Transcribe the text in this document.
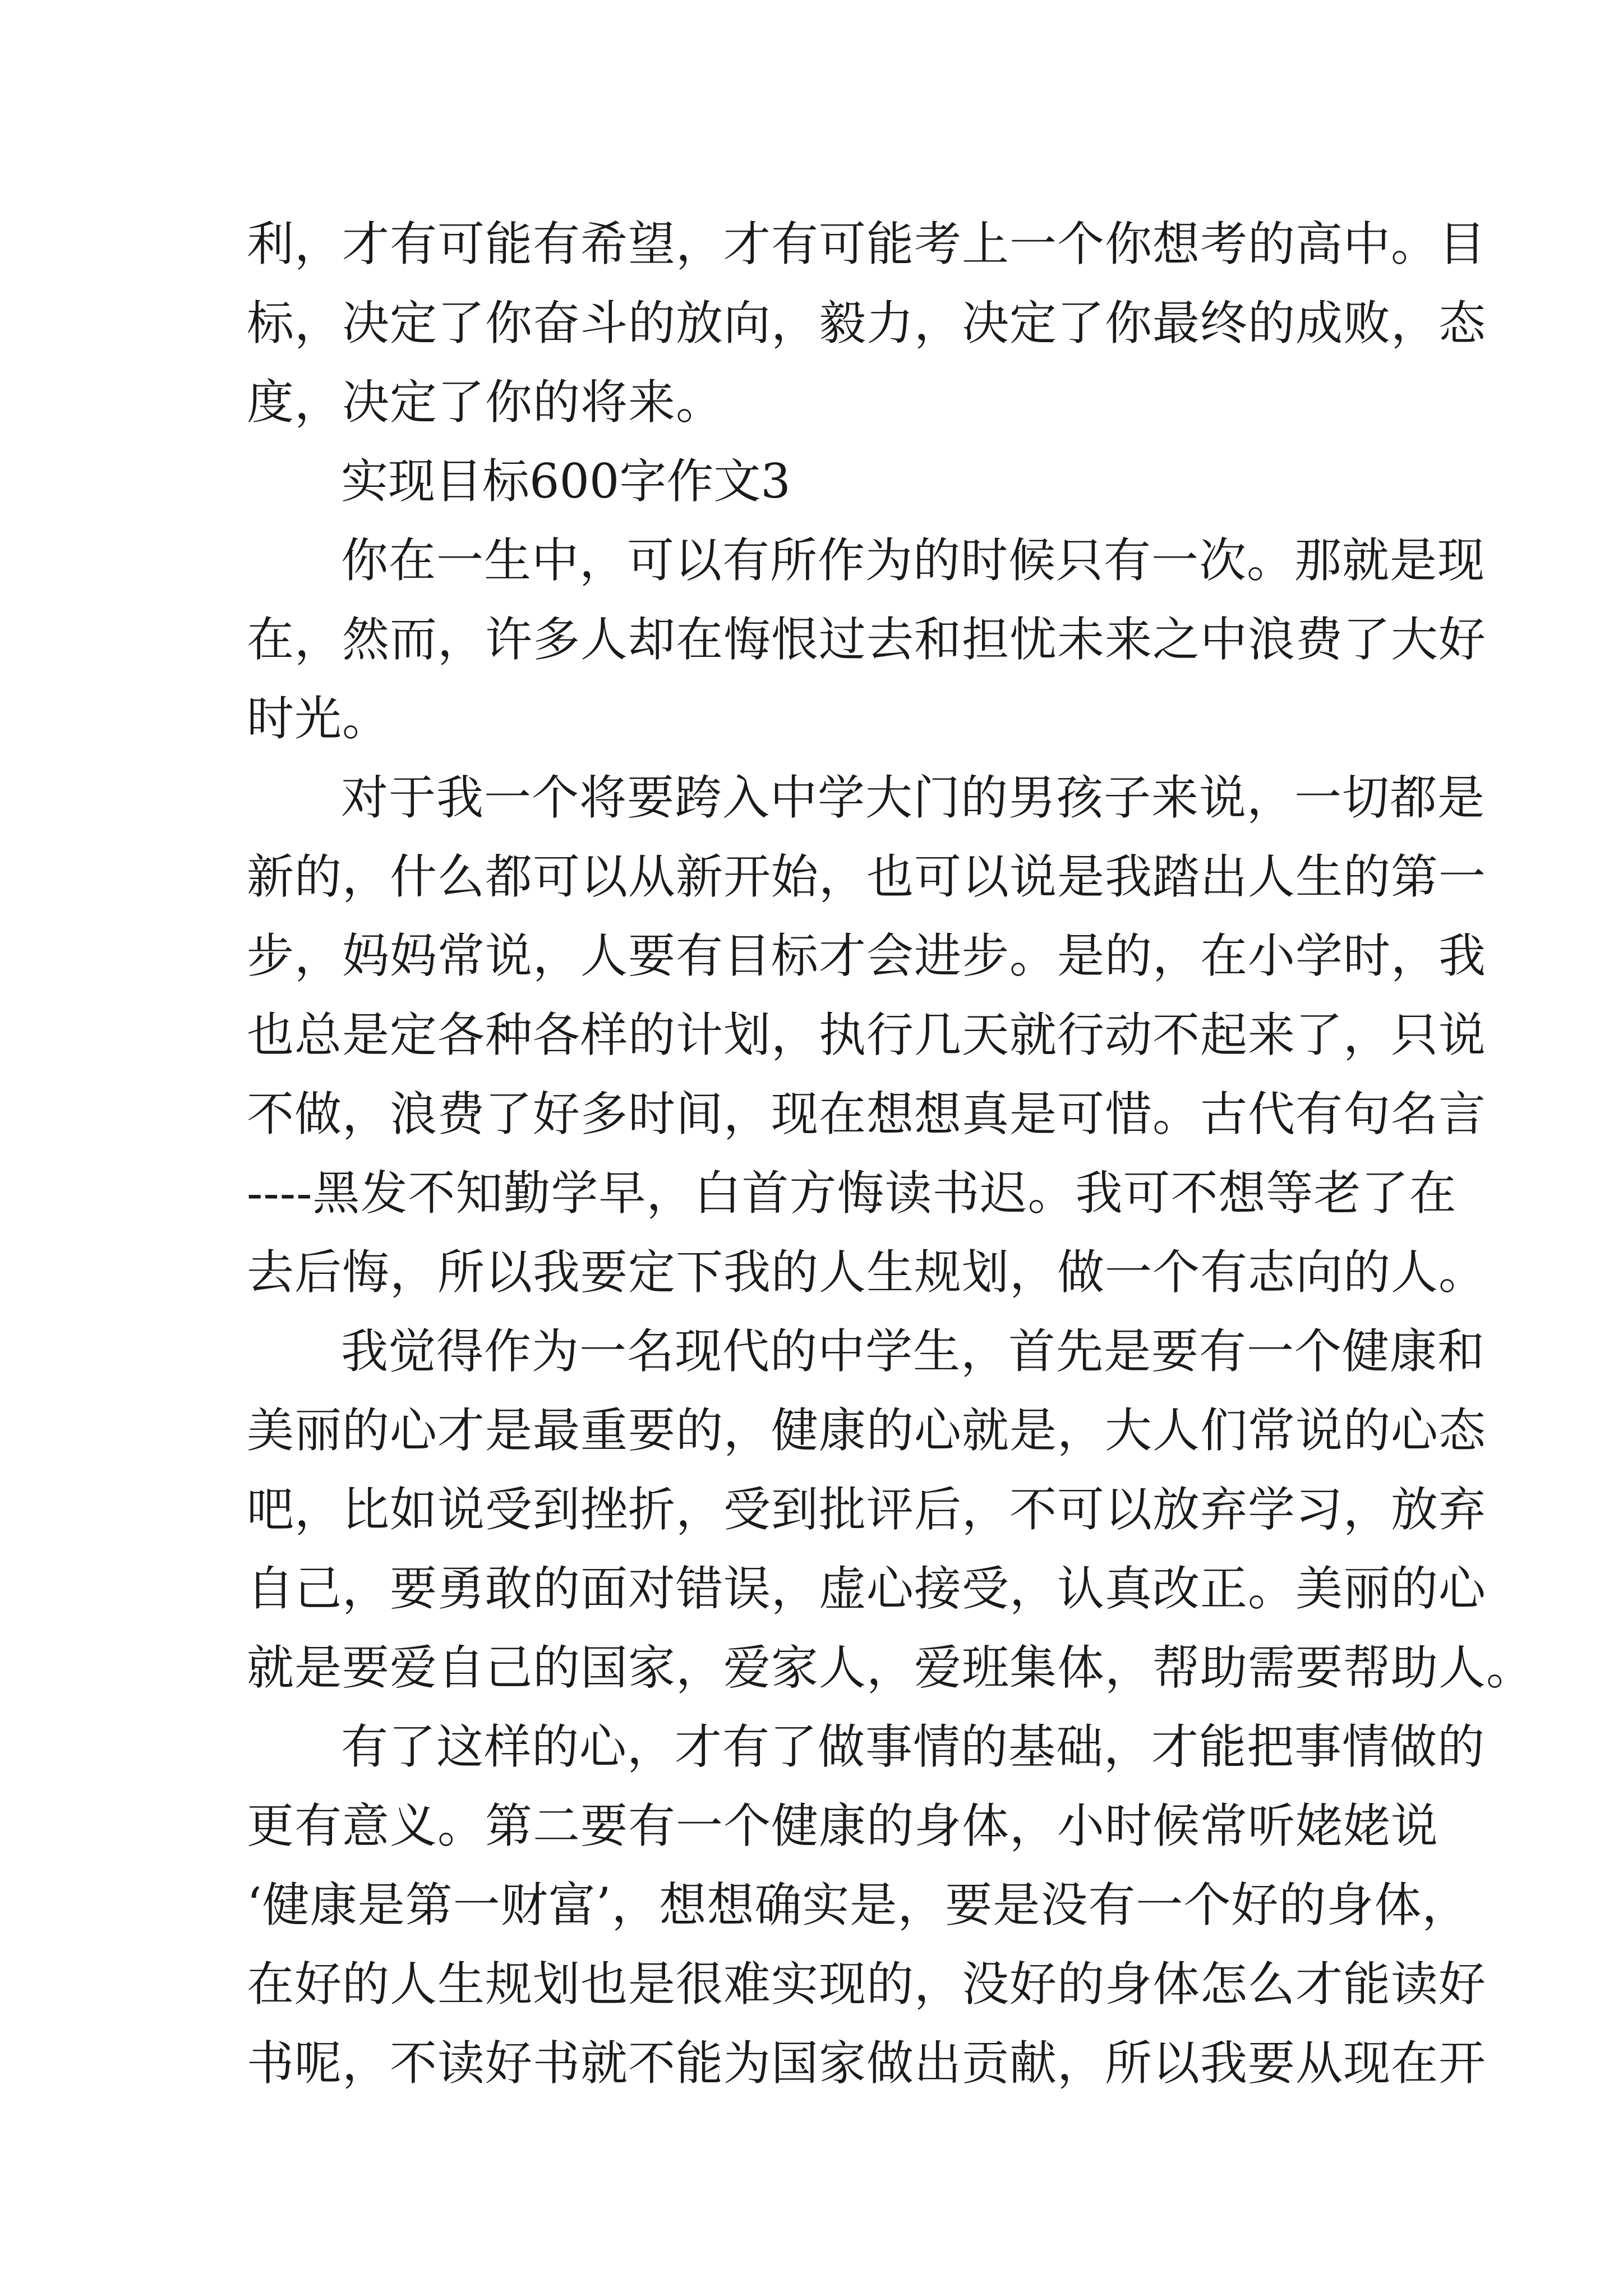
利，才有可能有希望，才有可能考上一个你想考的高中。目

标，决定了你奋斗的放向，毅力，决定了你最终的成败，态

度，决定了你的将来。

实现目标600字作文3

你在一生中，可以有所作为的时候只有一次。那就是现

在，然而，许多人却在悔恨过去和担忧未来之中浪费了大好

时光。

对于我一个将要跨入中学大门的男孩子来说，一切都是

新的，什么都可以从新开始，也可以说是我踏出人生的第一

步，妈妈常说，人要有目标才会进步。是的，在小学时，我

也总是定各种各样的计划，执行几天就行动不起来了，只说

不做，浪费了好多时间，现在想想真是可惜。古代有句名言

----黑发不知勤学早，白首方悔读书迟。我可不想等老了在

去后悔，所以我要定下我的人生规划，做一个有志向的人。

我觉得作为一名现代的中学生，首先是要有一个健康和

美丽的心才是最重要的，健康的心就是，大人们常说的心态

吧，比如说受到挫折，受到批评后，不可以放弃学习，放弃

自己，要勇敢的面对错误，虚心接受，认真改正。美丽的心

就是要爱自己的国家，爱家人，爱班集体，帮助需要帮助人。

有了这样的心，才有了做事情的基础，才能把事情做的

更有意义。第二要有一个健康的身体，小时候常听姥姥说

‘健康是第一财富’，想想确实是，要是没有一个好的身体，

在好的人生规划也是很难实现的，没好的身体怎么才能读好

书呢，不读好书就不能为国家做出贡献，所以我要从现在开
